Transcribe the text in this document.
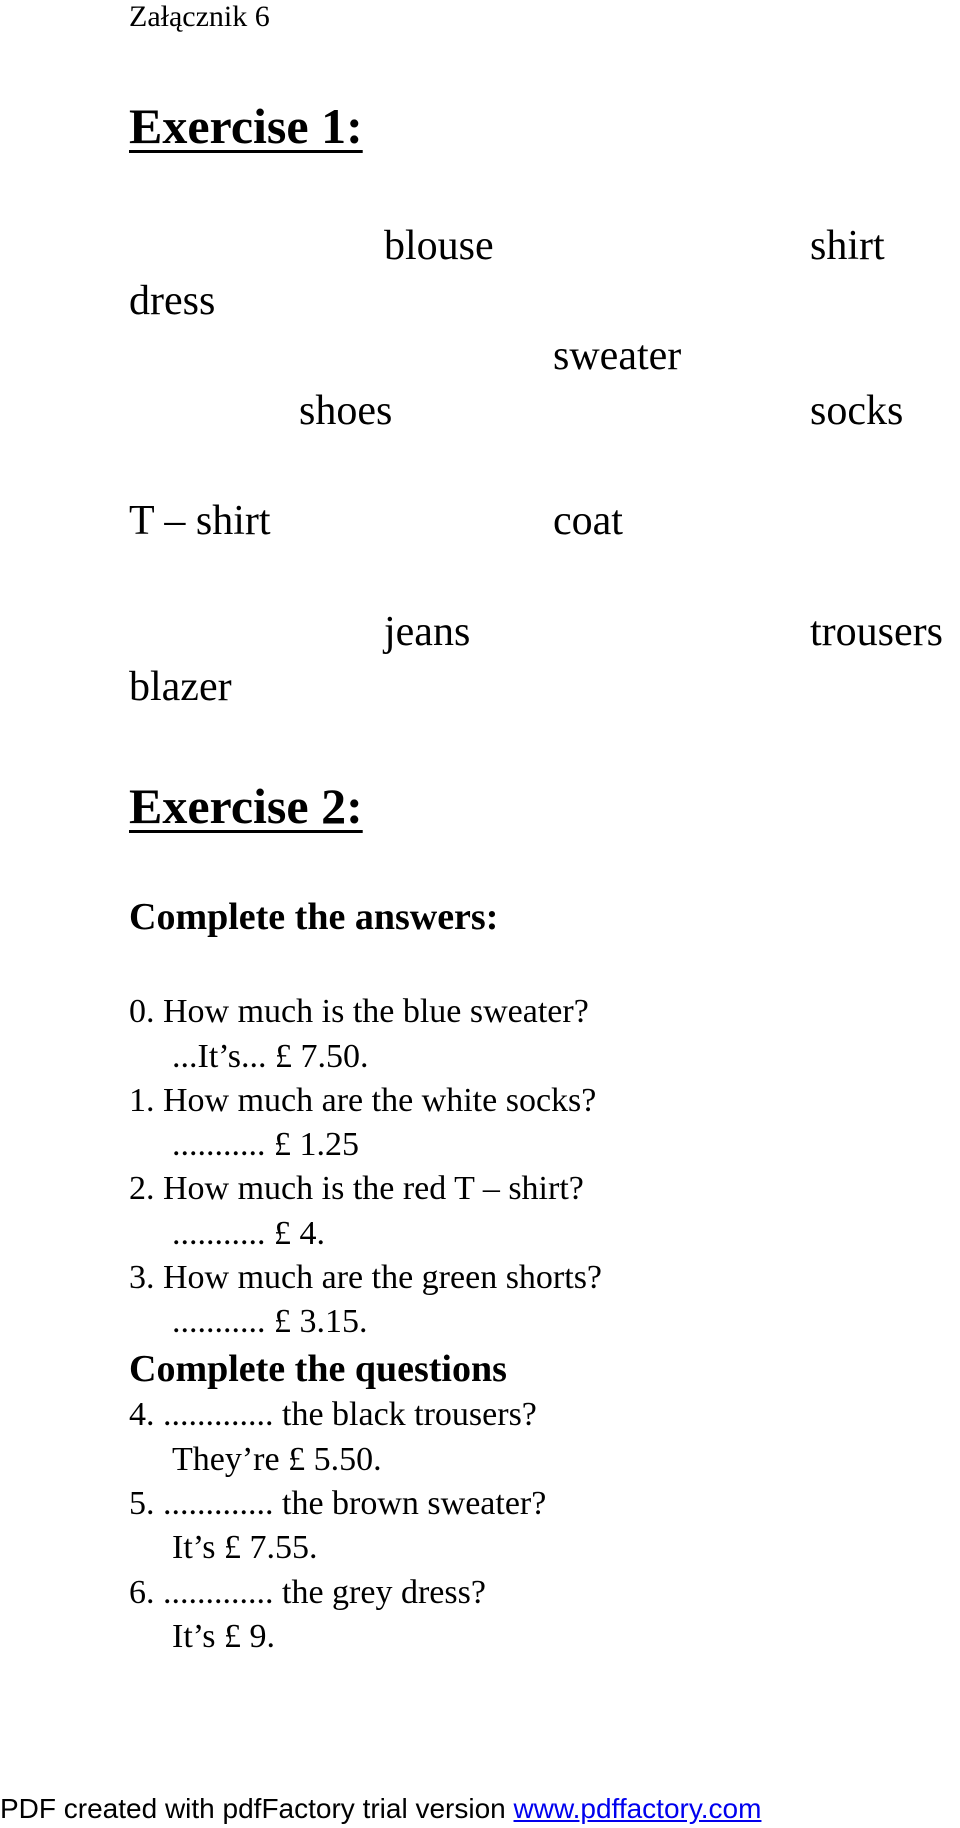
Załącznik 6
Exercise 1:
blouse	shirt
dress
sweater
shoes	socks
T – shirt	coat
jeans	trousers
blazer
Exercise 2:
Complete the answers:
0. How much is the blue sweater?
...It’s... £ 7.50.
1. How much are the white socks?
........... £ 1.25
2. How much is the red T – shirt?
........... £ 4.
3. How much are the green shorts?
........... £ 3.15.
Complete the questions
4. ............. the black trousers?
They’re £ 5.50.
5. ............. the brown sweater?
It’s £ 7.55.
6. ............. the grey dress?
It’s £ 9.
PDF created with pdfFactory trial version www.pdffactory.com
